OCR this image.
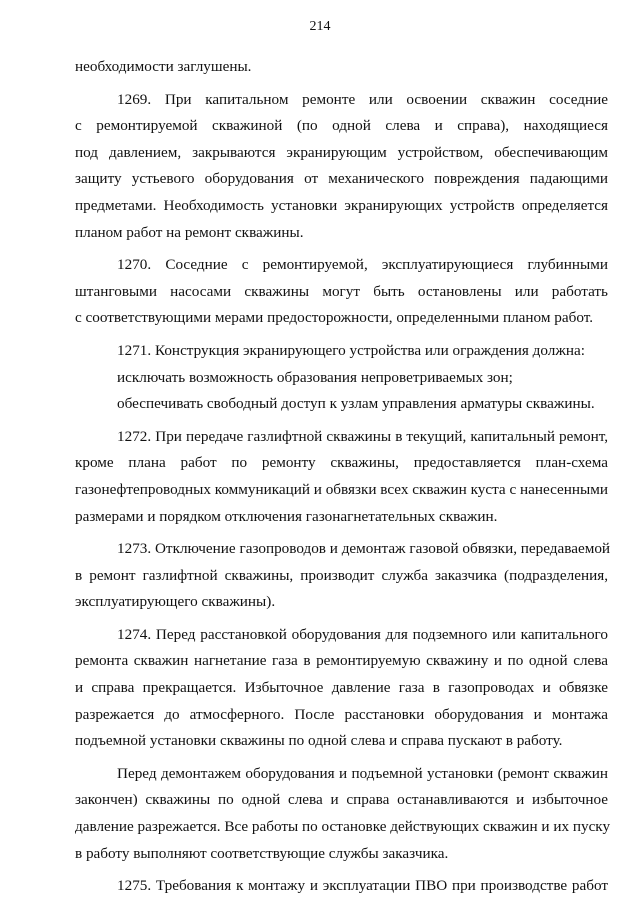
214
необходимости заглушены.
1269. При капитальном ремонте или освоении скважин соседние
с ремонтируемой скважиной (по одной слева и справа), находящиеся
под давлением, закрываются экранирующим устройством, обеспечивающим
защиту устьевого оборудования от механического повреждения падающими
предметами. Необходимость установки экранирующих устройств определяется
планом работ на ремонт скважины.
1270. Соседние с ремонтируемой, эксплуатирующиеся глубинными
штанговыми насосами скважины могут быть остановлены или работать
с соответствующими мерами предосторожности, определенными планом работ.
1271. Конструкция экранирующего устройства или ограждения должна:
исключать возможность образования непроветриваемых зон;
обеспечивать свободный доступ к узлам управления арматуры скважины.
1272. При передаче газлифтной скважины в текущий, капитальный ремонт,
кроме плана работ по ремонту скважины, предоставляется план-схема
газонефтепроводных коммуникаций и обвязки всех скважин куста с нанесенными
размерами и порядком отключения газонагнетательных скважин.
1273. Отключение газопроводов и демонтаж газовой обвязки, передаваемой
в ремонт газлифтной скважины, производит служба заказчика (подразделения,
эксплуатирующего скважины).
1274. Перед расстановкой оборудования для подземного или капитального
ремонта скважин нагнетание газа в ремонтируемую скважину и по одной слева
и справа прекращается. Избыточное давление газа в газопроводах и обвязке
разрежается до атмосферного. После расстановки оборудования и монтажа
подъемной установки скважины по одной слева и справа пускают в работу.
Перед демонтажем оборудования и подъемной установки (ремонт скважин
закончен) скважины по одной слева и справа останавливаются и избыточное
давление разрежается. Все работы по остановке действующих скважин и их пуску
в работу выполняют соответствующие службы заказчика.
1275. Требования к монтажу и эксплуатации ПВО при производстве работ
